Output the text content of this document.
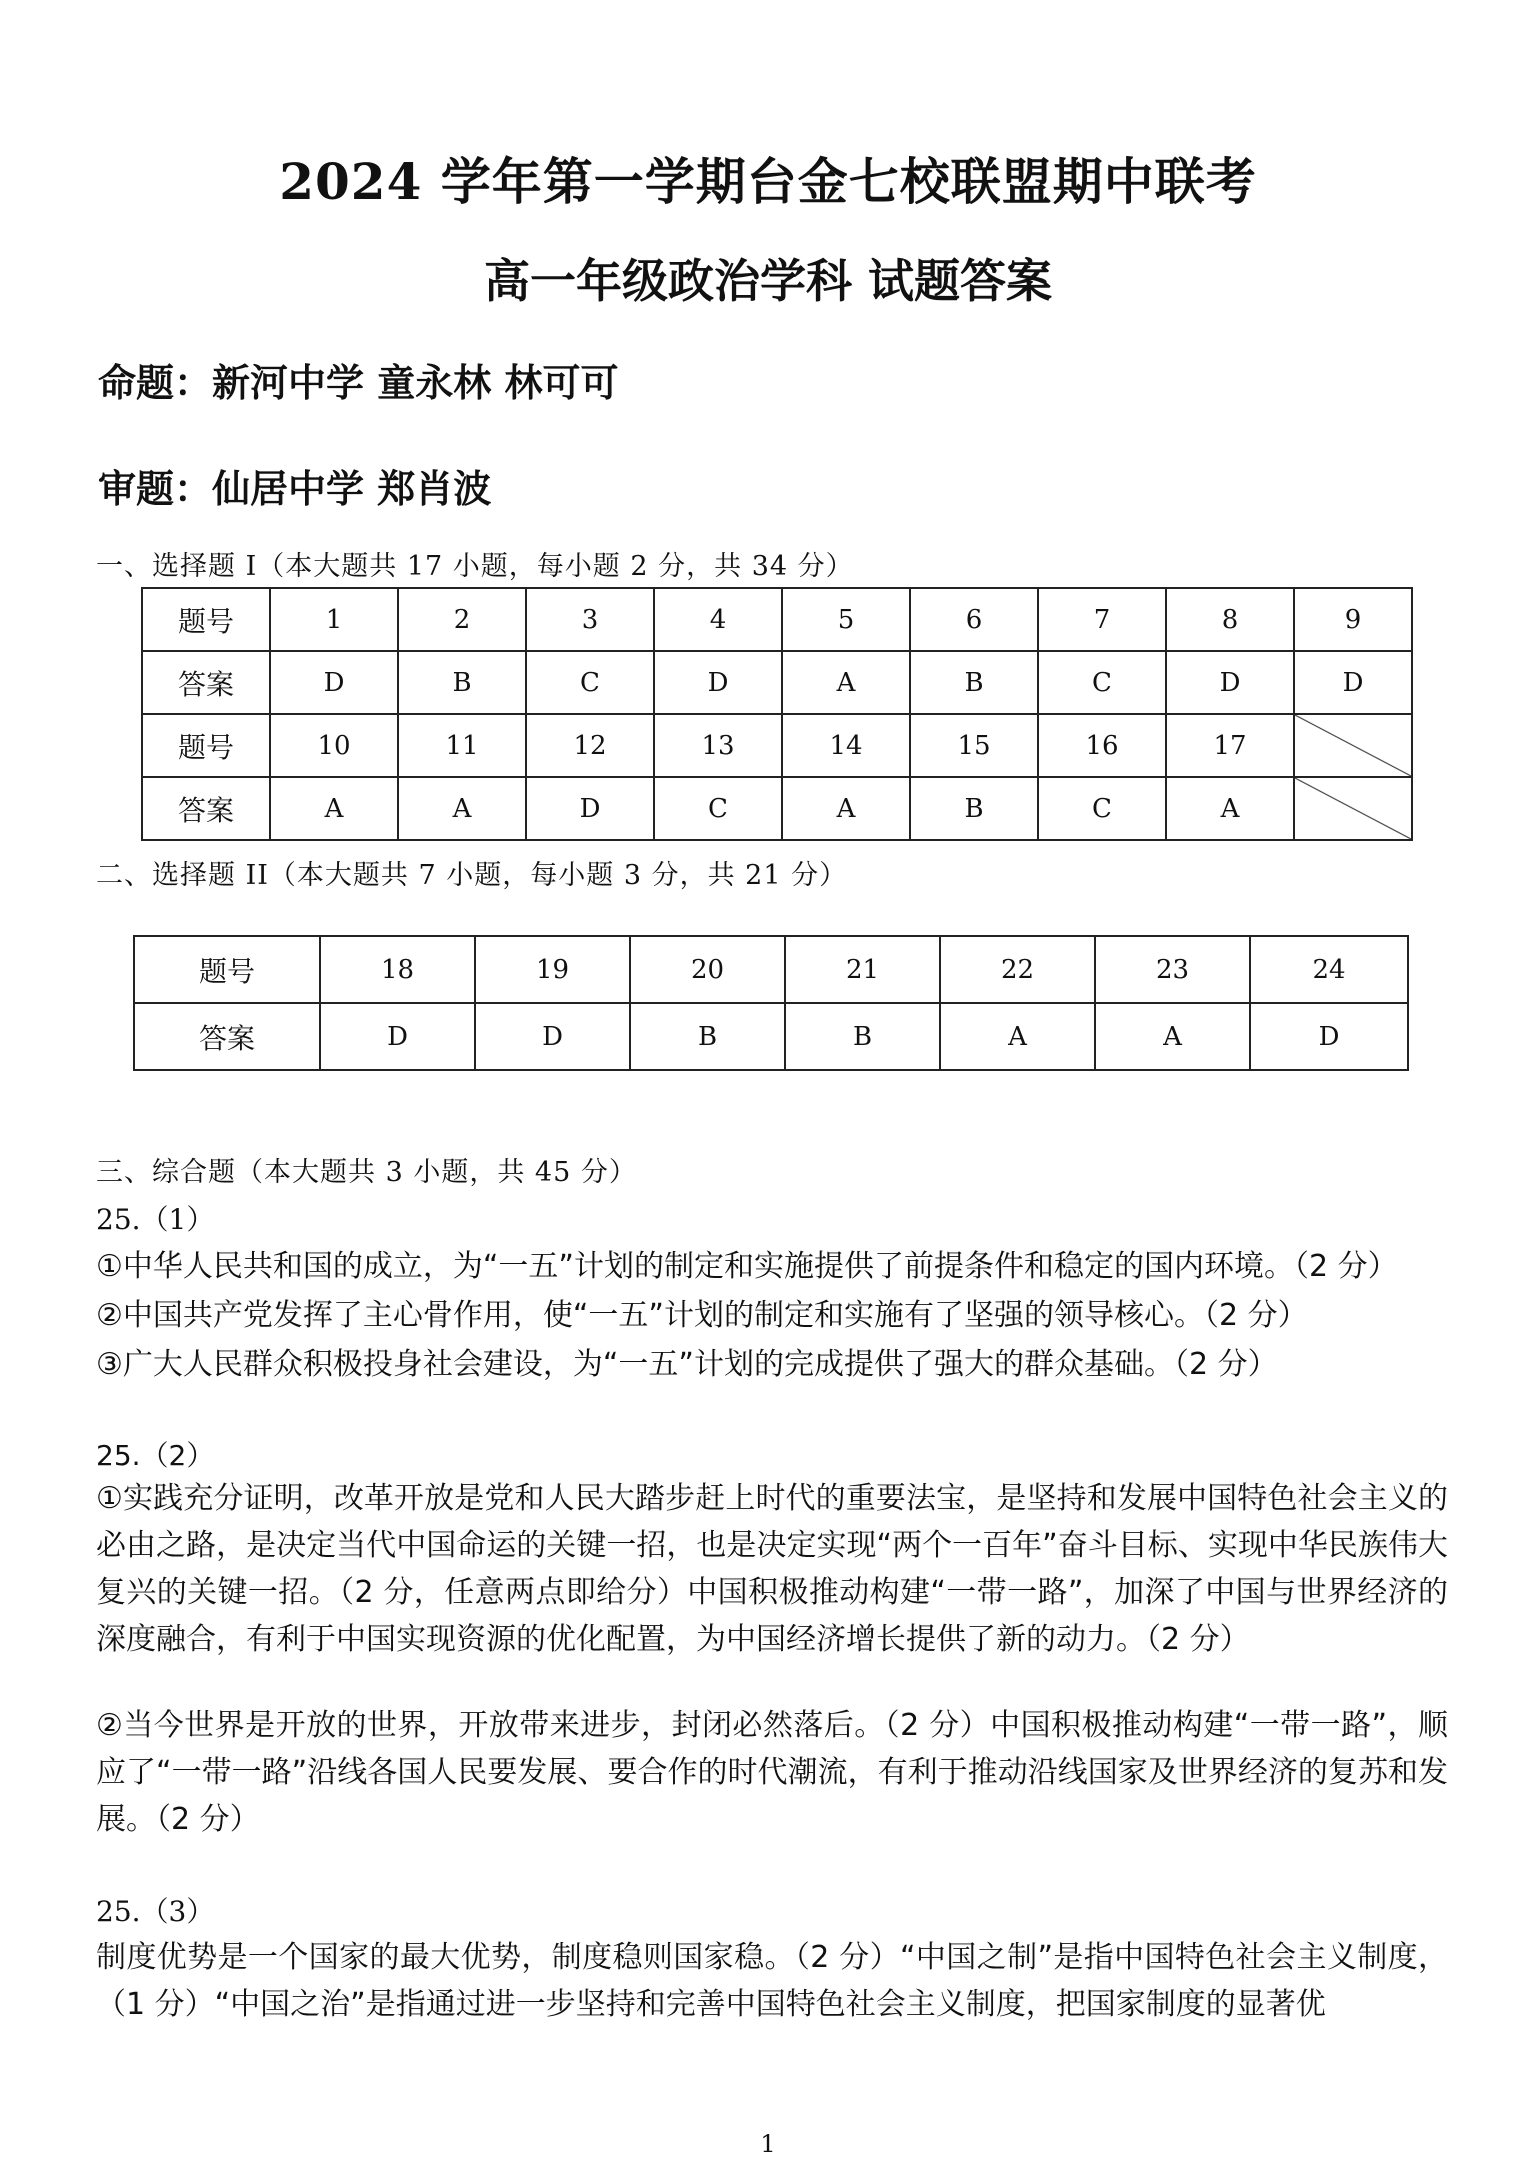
2024 学年第一学期台金七校联盟期中联考
高一年级政治学科 试题答案
命题：新河中学 童永林 林可可
审题：仙居中学 郑肖波
一、选择题 I（本大题共 17 小题，每小题 2 分，共 34 分）
题号	1	2	3	4	5	6	7	8	9
答案	D	B	C	D	A	B	C	D	D
题号	10	11	12	13	14	15	16	17	
答案	A	A	D	C	A	B	C	A	
二、选择题 II（本大题共 7 小题，每小题 3 分，共 21 分）
题号	18	19	20	21	22	23	24
答案	D	D	B	B	A	A	D
三、综合题（本大题共 3 小题，共 45 分）
25.（1）
①中华人民共和国的成立，为“一五”计划的制定和实施提供了前提条件和稳定的国内环境。（2 分）
②中国共产党发挥了主心骨作用，使“一五”计划的制定和实施有了坚强的领导核心。（2 分）
③广大人民群众积极投身社会建设，为“一五”计划的完成提供了强大的群众基础。（2 分）
25.（2）
①实践充分证明，改革开放是党和人民大踏步赶上时代的重要法宝，是坚持和发展中国特色社会主义的必由之路，是决定当代中国命运的关键一招，也是决定实现“两个一百年”奋斗目标、实现中华民族伟大复兴的关键一招。（2 分，任意两点即给分）中国积极推动构建“一带一路”，加深了中国与世界经济的深度融合，有利于中国实现资源的优化配置，为中国经济增长提供了新的动力。（2 分）
②当今世界是开放的世界，开放带来进步，封闭必然落后。（2 分）中国积极推动构建“一带一路”，顺应了“一带一路”沿线各国人民要发展、要合作的时代潮流，有利于推动沿线国家及世界经济的复苏和发展。（2 分）
25.（3）
制度优势是一个国家的最大优势，制度稳则国家稳。（2 分）“中国之制”是指中国特色社会主义制度，（1 分）“中国之治”是指通过进一步坚持和完善中国特色社会主义制度，把国家制度的显著优
1
